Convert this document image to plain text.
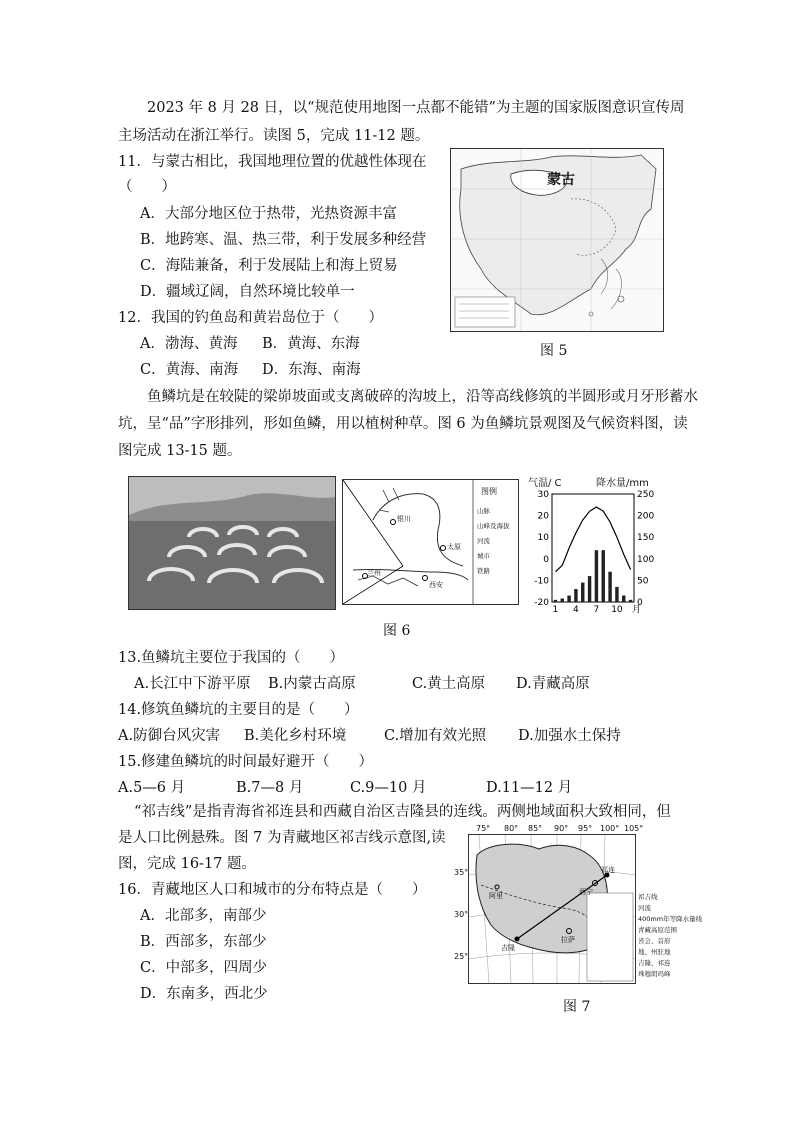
2023 年 8 月 28 日，以“规范使用地图一点都不能错”为主题的国家版图意识宣传周
主场活动在浙江举行。读图 5，完成 11-12 题。
11．与蒙古相比，我国地理位置的优越性体现在
（　　）
A．大部分地区位于热带，光热资源丰富
B．地跨寒、温、热三带，利于发展多种经营
C．海陆兼备，利于发展陆上和海上贸易
D．疆域辽阔，自然环境比较单一
12．我国的钓鱼岛和黄岩岛位于（　　）
A．渤海、黄海 B．黄海、东海
C．黄海、南海 D．东海、南海
蒙古
图 5
鱼鳞坑是在较陡的梁峁坡面或支离破碎的沟坡上，沿等高线修筑的半圆形或月牙形蓄水
坑，呈“品”字形排列，形如鱼鳞，用以植树种草。图 6 为鱼鳞坑景观图及气候资料图，读
图完成 13-15 题。
兰州
银川
太原
西安
图例
山脉
山峰及海拔
河流
城市
铁路
气温/ C	降水量/mm
30
20
10
0
-10
-20
250
200
150
100
50
0
1 4 7 10 月
图 6
13.鱼鳞坑主要位于我国的（　　）
A.长江中下游平原 B.内蒙古高原	C.黄土高原 D.青藏高原
14.修筑鱼鳞坑的主要目的是（　　）
A.防御台风灾害 B.美化乡村环境	C.增加有效光照 D.加强水土保持
15.修建鱼鳞坑的时间最好避开（　　）
A.5—6 月	B.7—8 月	C.9—10 月	D.11—12 月
“祁吉线”是指青海省祁连县和西藏自治区吉隆县的连线。两侧地域面积大致相同，但
是人口比例悬殊。图 7 为青藏地区祁吉线示意图,读
图，完成 16-17 题。
16．青藏地区人口和城市的分布特点是（　　）
A．北部多，南部少
B．西部多，东部少
C．中部多，四周少
D．东南多，西北少
75° 80° 85° 90° 95° 100° 105°
35°
30°
25°
阿里
拉萨
西宁
祁连
吉隆
祁吉线
河流
400mm年等降水量线
青藏高原范围
省会、首府
地、州驻地
吉隆、祁连
珠穆朗玛峰
图 7
